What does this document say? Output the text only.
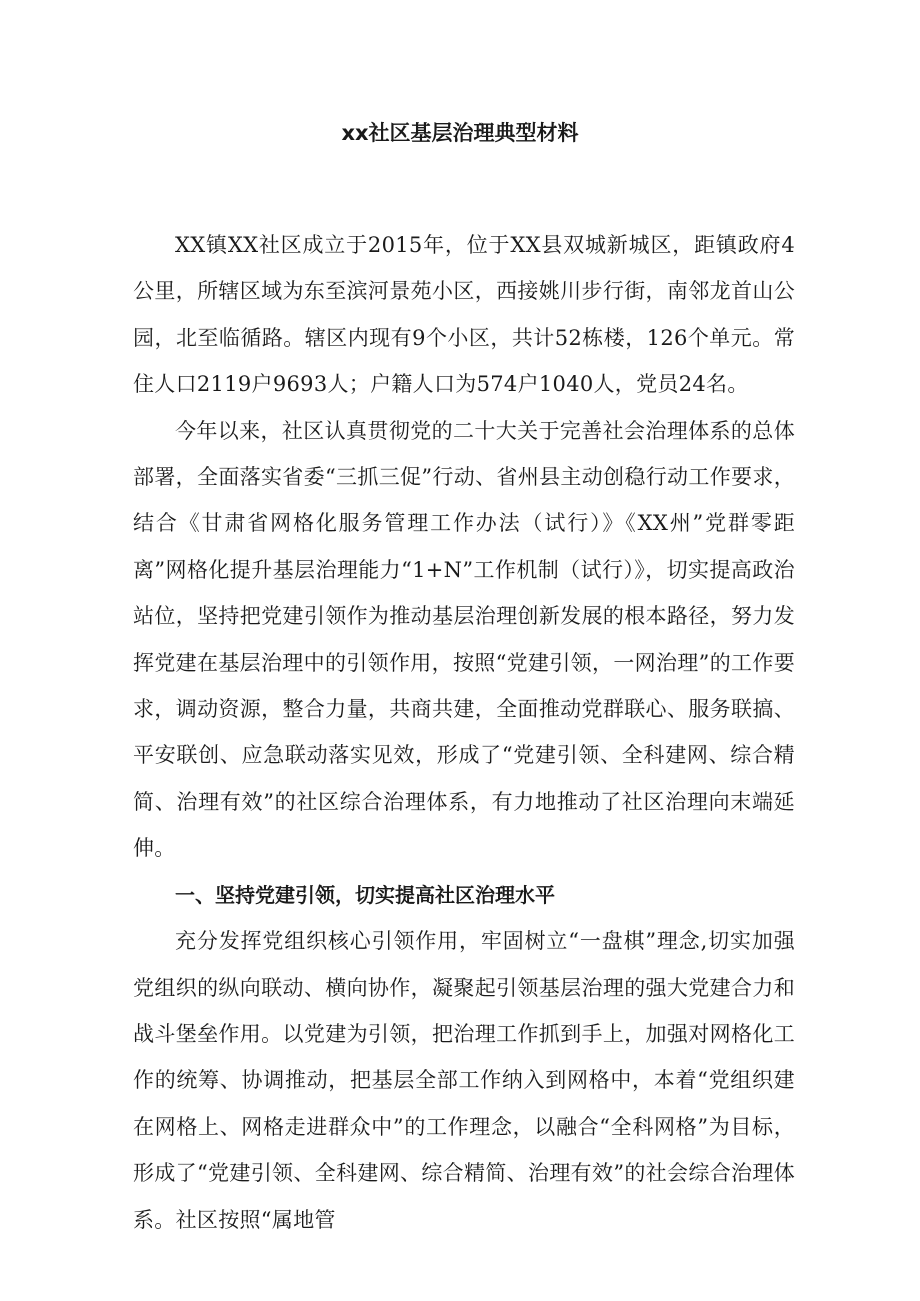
xx社区基层治理典型材料

XX镇XX社区成立于2015年，位于XX县双城新城区，距镇政府4公里，所辖区域为东至滨河景苑小区，西接姚川步行街，南邻龙首山公园，北至临循路。辖区内现有9个小区，共计52栋楼，126个单元。常住人口2119户9693人；户籍人口为574户1040人，党员24名。

今年以来，社区认真贯彻党的二十大关于完善社会治理体系的总体部署，全面落实省委“三抓三促”行动、省州县主动创稳行动工作要求，结合《甘肃省网格化服务管理工作办法（试行）》《XX州”党群零距离”网格化提升基层治理能力“1+N”工作机制（试行）》，切实提高政治站位，坚持把党建引领作为推动基层治理创新发展的根本路径，努力发挥党建在基层治理中的引领作用，按照“党建引领，一网治理”的工作要求，调动资源，整合力量，共商共建，全面推动党群联心、服务联搞、平安联创、应急联动落实见效，形成了“党建引领、全科建网、综合精简、治理有效”的社区综合治理体系，有力地推动了社区治理向末端延伸。

一、坚持党建引领，切实提高社区治理水平

充分发挥党组织核心引领作用，牢固树立“一盘棋”理念,切实加强党组织的纵向联动、横向协作，凝聚起引领基层治理的强大党建合力和战斗堡垒作用。以党建为引领，把治理工作抓到手上，加强对网格化工作的统筹、协调推动，把基层全部工作纳入到网格中，本着“党组织建在网格上、网格走进群众中”的工作理念，以融合“全科网格”为目标，形成了“党建引领、全科建网、综合精简、治理有效”的社会综合治理体系。社区按照“属地管
